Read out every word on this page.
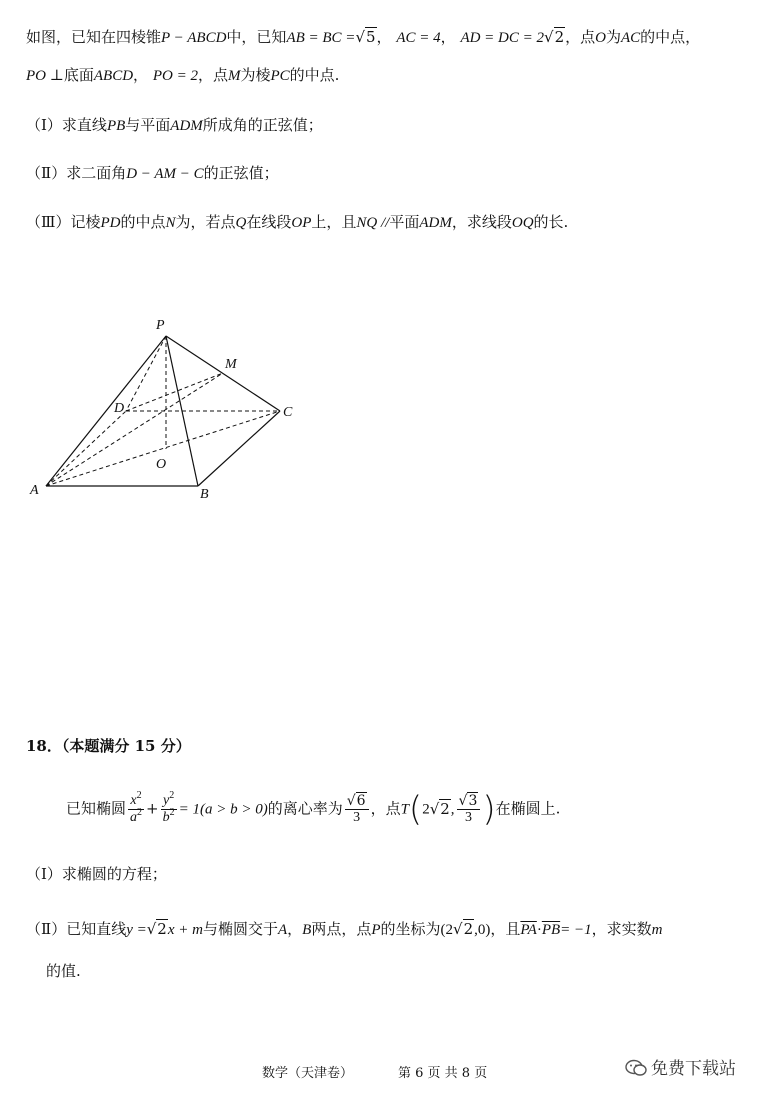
如图，已知在四棱锥P − ABCD中，已知AB = BC =√5， AC = 4， AD = DC = 2√2，点O为AC的中点，
PO ⊥底面ABCD， PO = 2，点M为棱PC的中点.
（Ⅰ）求直线PB与平面ADM所成角的正弦值；
（Ⅱ）求二面角D − AM − C的正弦值；
（Ⅲ）记棱PD的中点N为，若点Q在线段OP上，且NQ //平面ADM，求线段OQ的长.
P
M
D	C
O
A	B
18．（本题满分 15 分）
已知椭圆 $\frac{x^2}{a^2} + \frac{y^2}{b^2} = 1(a > b > 0)$的离心率为 $\frac{√6}{3}$ ，点T(2√2, $\frac{√3}{3}$ )在椭圆上.
（Ⅰ）求椭圆的方程；
（Ⅱ）已知直线y =√2x + m与椭圆交于A，B两点，点P的坐标为(2√2,0)，且$\overline{PA}\cdot\overline{PB}= -1$，求实数m
的值.
数学（天津卷）	第 6 页 共 8 页	免费下载站
